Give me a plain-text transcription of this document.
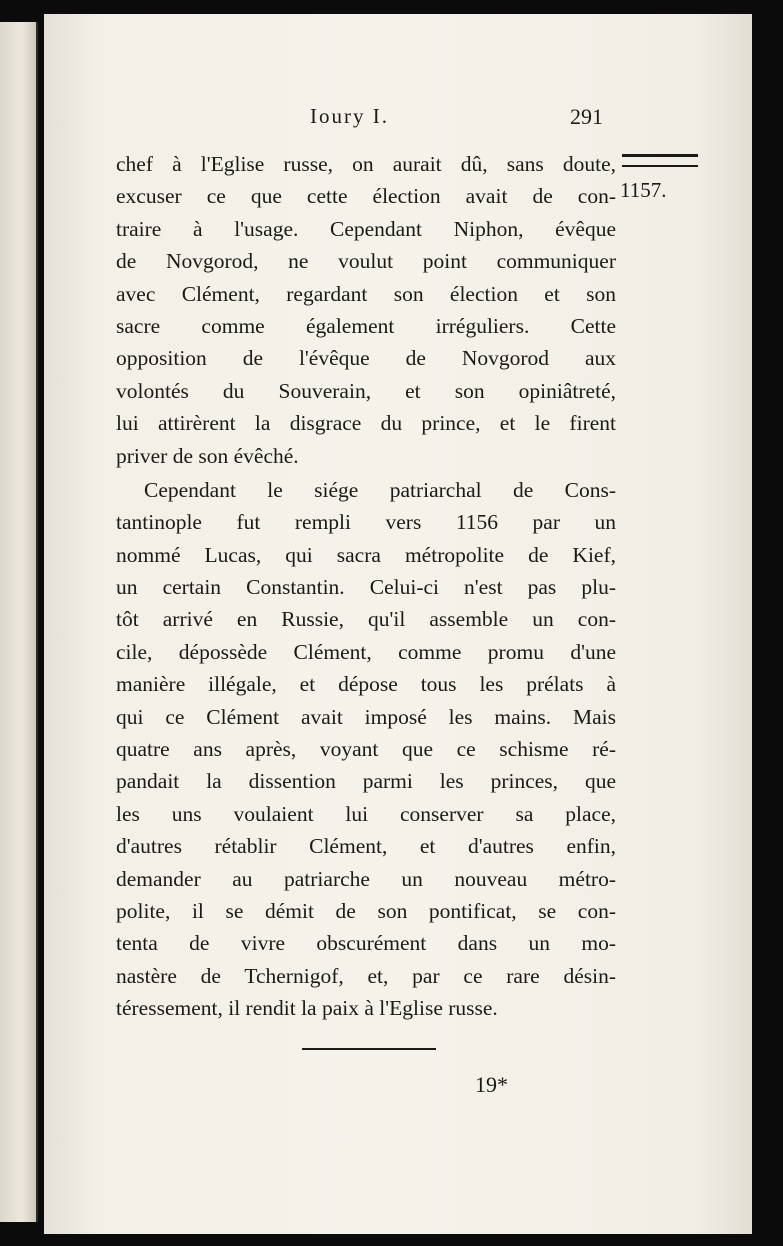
Ioury I.	291
1157.
chef à l'Eglise russe, on aurait dû, sans doute,
excuser ce que cette élection avait de con-
traire à l'usage. Cependant Niphon, évêque
de Novgorod, ne voulut point communiquer
avec Clément, regardant son élection et son
sacre comme également irréguliers. Cette
opposition de l'évêque de Novgorod aux
volontés du Souverain, et son opiniâtreté,
lui attirèrent la disgrace du prince, et le firent
priver de son évêché.
Cependant le siége patriarchal de Cons-
tantinople fut rempli vers 1156 par un
nommé Lucas, qui sacra métropolite de Kief,
un certain Constantin. Celui-ci n'est pas plu-
tôt arrivé en Russie, qu'il assemble un con-
cile, dépossède Clément, comme promu d'une
manière illégale, et dépose tous les prélats à
qui ce Clément avait imposé les mains. Mais
quatre ans après, voyant que ce schisme ré-
pandait la dissention parmi les princes, que
les uns voulaient lui conserver sa place,
d'autres rétablir Clément, et d'autres enfin,
demander au patriarche un nouveau métro-
polite, il se démit de son pontificat, se con-
tenta de vivre obscurément dans un mo-
nastère de Tchernigof, et, par ce rare désin-
téressement, il rendit la paix à l'Eglise russe.
19*
